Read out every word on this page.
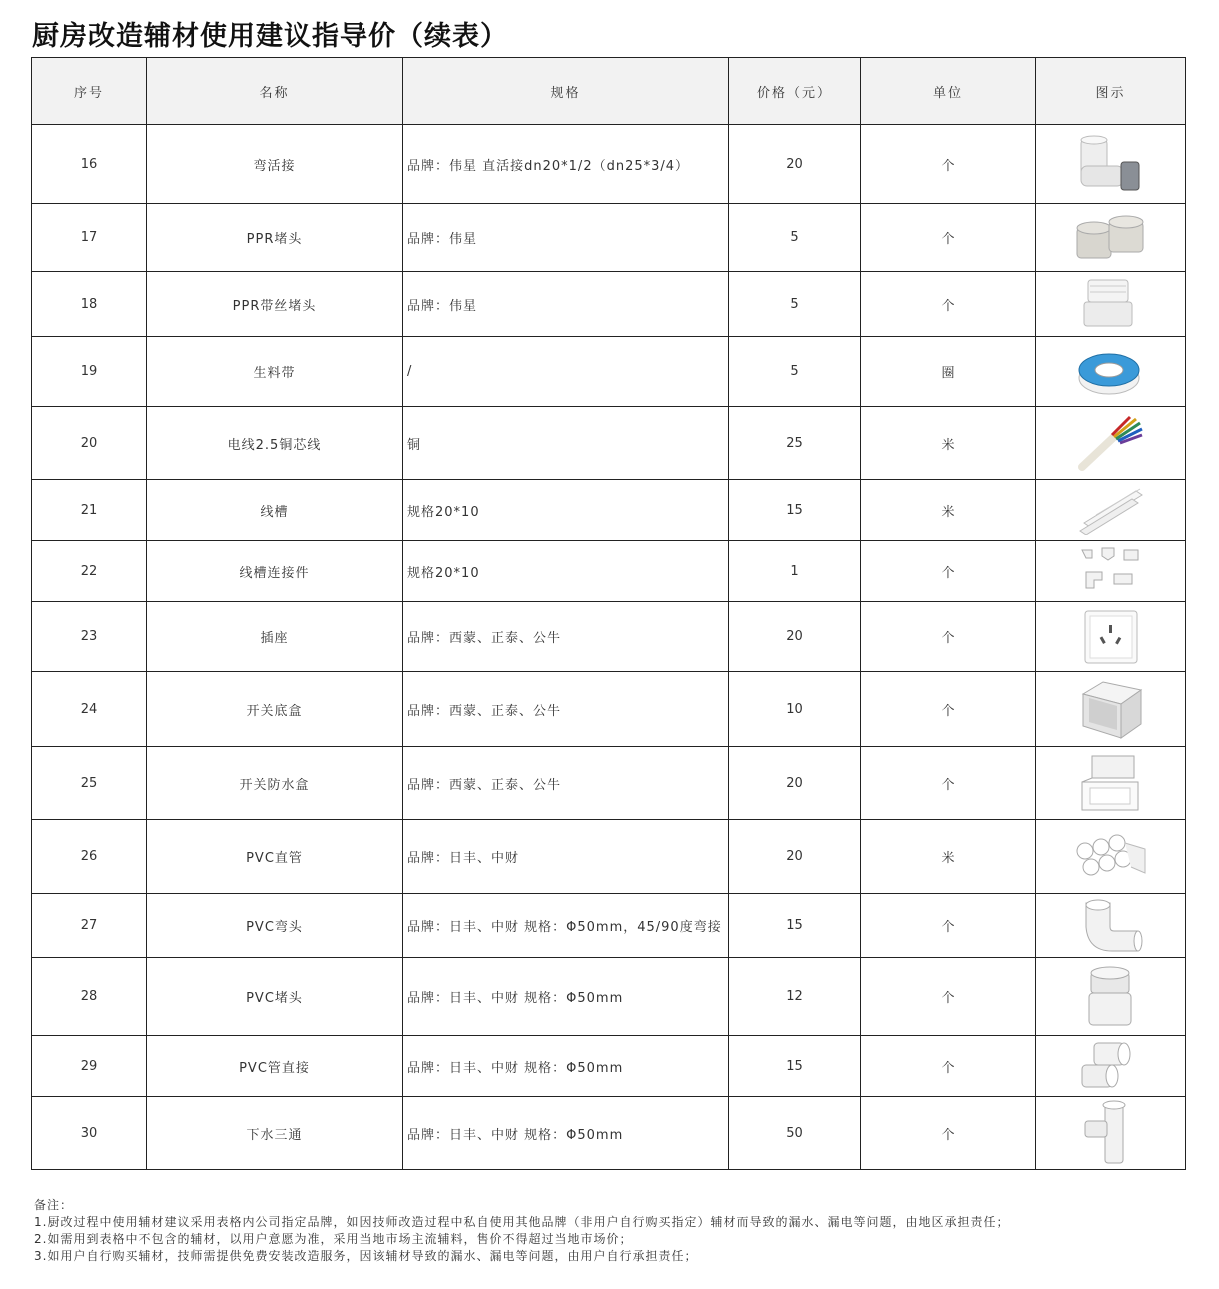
厨房改造辅材使用建议指导价（续表）
序号	名称	规格	价格（元）	单位	图示
16	弯活接	品牌：伟星 直活接dn20*1/2（dn25*3/4）	20	个	

17	PPR堵头	品牌：伟星	5	个	

18	PPR带丝堵头	品牌：伟星	5	个	

19	生料带	/	5	圈	

20	电线2.5铜芯线	铜	25	米	

21	线槽	规格20*10	15	米	

22	线槽连接件	规格20*10	1	个	

23	插座	品牌：西蒙、正泰、公牛	20	个	

24	开关底盒	品牌：西蒙、正泰、公牛	10	个	

25	开关防水盒	品牌：西蒙、正泰、公牛	20	个	

26	PVC直管	品牌：日丰、中财	20	米	

27	PVC弯头	品牌：日丰、中财 规格：Φ50mm，45/90度弯接	15	个	

28	PVC堵头	品牌：日丰、中财 规格：Φ50mm	12	个	

29	PVC管直接	品牌：日丰、中财 规格：Φ50mm	15	个	

30	下水三通	品牌：日丰、中财 规格：Φ50mm	50	个	
备注：
1.厨改过程中使用辅材建议采用表格内公司指定品牌，如因技师改造过程中私自使用其他品牌（非用户自行购买指定）辅材而导致的漏水、漏电等问题，由地区承担责任；
2.如需用到表格中不包含的辅材，以用户意愿为准，采用当地市场主流辅料，售价不得超过当地市场价；
3.如用户自行购买辅材，技师需提供免费安装改造服务，因该辅材导致的漏水、漏电等问题，由用户自行承担责任；
